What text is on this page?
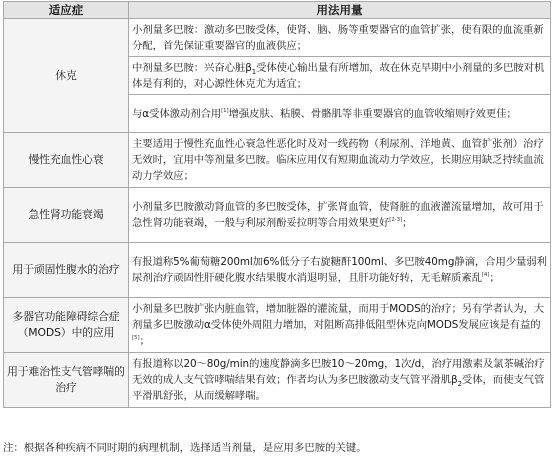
适应症	用法用量
休克	小剂量多巴胺：激动多巴胺受体，使肾、脑、肠等重要器官的血管扩张，使有限的血流重新分配，首先保证重要器官的血液供应；
	中剂量多巴胺：兴奋心脏$\beta_1$受体使心输出量有所增加，故在休克早期中小剂量的多巴胺对机体是有利的，对心源性休克尤为适宜；
	与α受体激动剂合用[1]增强皮肤、粘膜、骨骼肌等非重要器官的血管收缩则疗效更佳；
慢性充血性心衰	主要适用于慢性充血性心衰急性恶化时及对一线药物（利尿剂、洋地黄、血管扩张剂）治疗无效时，宜用中等剂量多巴胺。临床应用仅有短期血流动力学效应，长期应用缺乏持续血流动力学效应；
急性肾功能衰竭	小剂量多巴胺激动肾血管的多巴胺受体，扩张肾血管，使肾脏的血液灌流量增加，故可用于急性肾功能衰竭，一般与利尿剂酚妥拉明等合用效果更好[2-3]；
用于顽固性腹水的治疗	有报道称5%葡萄糖200ml加6%低分子右旋糖酐100ml、多巴胺40mg静滴，合用少量弱利尿剂治疗顽固性肝硬化腹水结果腹水消退明显，且肝功能好转，无毛解质紊乱[4]；
多器官功能障碍综合症（MODS）中的应用	小剂量多巴胺扩张内脏血管，增加脏器的灌流量，而用于MODS的治疗；另有学者认为，大剂量多巴胺激动α受体使外周阻力增加，对阻断高排低阻型休克向MODS发展应该是有益的[5]；
用于难治性支气管哮喘的治疗	有报道称以20～80g/min的速度静滴多巴胺10～20mg，1次/d，治疗用激素及氯茶碱治疗无效的成人支气管哮喘结果有效；作者均认为多巴胺激动支气管平滑肌$\beta_2$受体，而使支气管平滑肌舒张，从而缓解哮喘。
注：根据各种疾病不同时期的病理机制，选择适当剂量，是应用多巴胺的关键。
